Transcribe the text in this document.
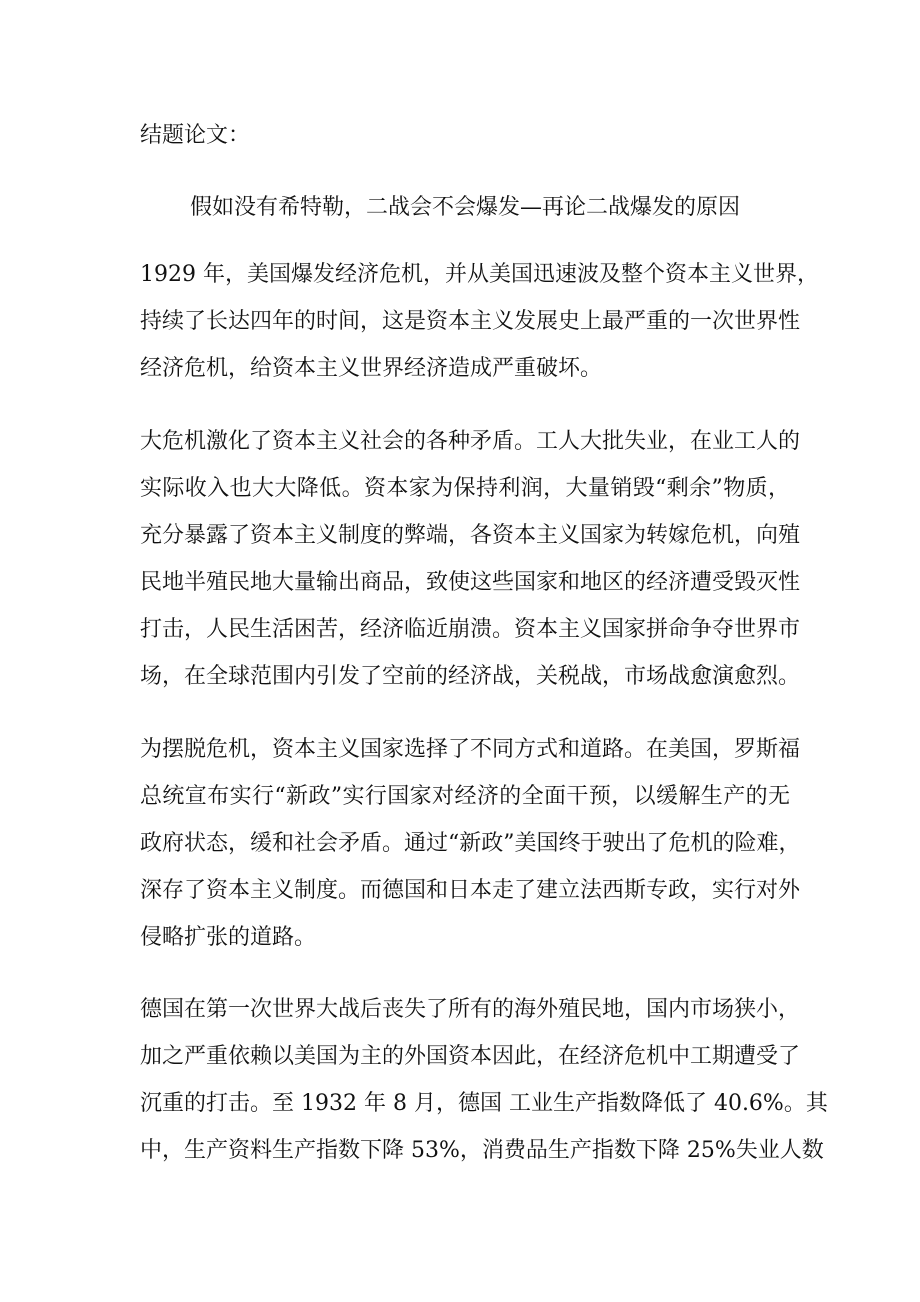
结题论文：
假如没有希特勒，二战会不会爆发—再论二战爆发的原因
1929 年，美国爆发经济危机，并从美国迅速波及整个资本主义世界，
持续了长达四年的时间，这是资本主义发展史上最严重的一次世界性
经济危机，给资本主义世界经济造成严重破坏。
大危机激化了资本主义社会的各种矛盾。工人大批失业，在业工人的
实际收入也大大降低。资本家为保持利润，大量销毁“剩余”物质，
充分暴露了资本主义制度的弊端，各资本主义国家为转嫁危机，向殖
民地半殖民地大量输出商品，致使这些国家和地区的经济遭受毁灭性
打击，人民生活困苦，经济临近崩溃。资本主义国家拼命争夺世界市
场，在全球范围内引发了空前的经济战，关税战，市场战愈演愈烈。
为摆脱危机，资本主义国家选择了不同方式和道路。在美国，罗斯福
总统宣布实行“新政”实行国家对经济的全面干预，以缓解生产的无
政府状态，缓和社会矛盾。通过“新政”美国终于驶出了危机的险难，
深存了资本主义制度。而德国和日本走了建立法西斯专政，实行对外
侵略扩张的道路。
德国在第一次世界大战后丧失了所有的海外殖民地，国内市场狭小，
加之严重依赖以美国为主的外国资本因此，在经济危机中工期遭受了
沉重的打击。至 1932 年 8 月，德国 工业生产指数降低了 40.6%。其
中，生产资料生产指数下降 53%，消费品生产指数下降 25%失业人数
